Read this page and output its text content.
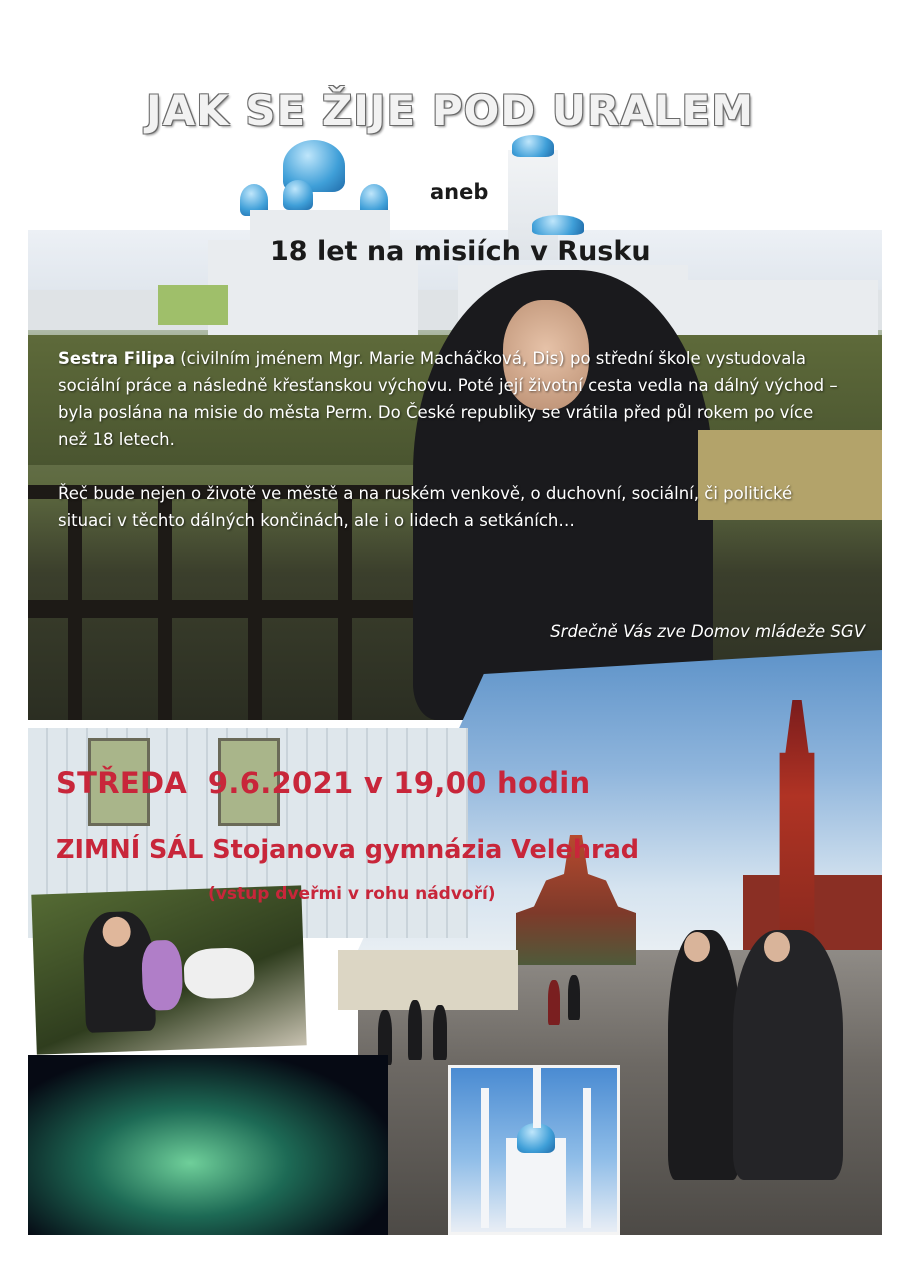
JAK SE ŽIJE POD URALEM
aneb
18 let na misiích v Rusku

Sestra Filipa (civilním jménem Mgr. Marie Macháčková, Dis) po střední škole vystudovala sociální práce a následně křesťanskou výchovu. Poté její životní cesta vedla na dálný východ – byla poslána na misie do města Perm. Do České republiky se vrátila před půl rokem po více než 18 letech.

Řeč bude nejen o životě ve městě a na ruském venkově, o duchovní, sociální, či politické situaci v těchto dálných končinách, ale i o lidech a setkáních…

Srdečně Vás zve Domov mládeže SGV
STŘEDA  9.6.2021 v 19,00 hodin
ZIMNÍ SÁL Stojanova gymnázia Velehrad
(vstup dveřmi v rohu nádvoří)
